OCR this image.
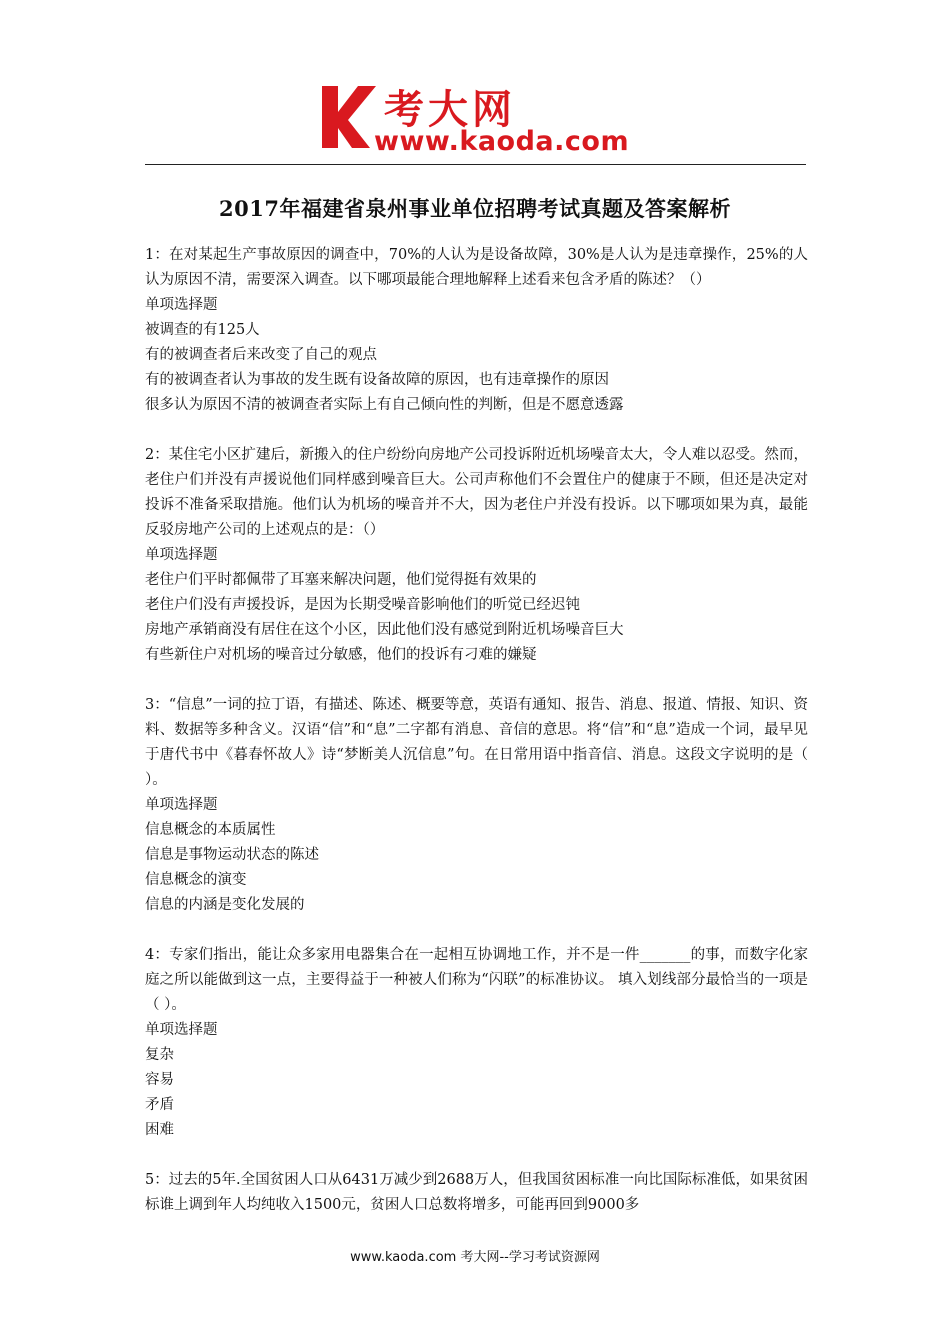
考大网
www.kaoda.com
2017年福建省泉州事业单位招聘考试真题及答案解析

1：在对某起生产事故原因的调查中，70%的人认为是设备故障，30%是人认为是违章操作，25%的人认为原因不清，需要深入调查。以下哪项最能合理地解释上述看来包含矛盾的陈述？（）

单项选择题

被调查的有125人

有的被调查者后来改变了自己的观点

有的被调查者认为事故的发生既有设备故障的原因，也有违章操作的原因

很多认为原因不清的被调查者实际上有自己倾向性的判断，但是不愿意透露

2：某住宅小区扩建后，新搬入的住户纷纷向房地产公司投诉附近机场噪音太大，令人难以忍受。然而，老住户们并没有声援说他们同样感到噪音巨大。公司声称他们不会置住户的健康于不顾，但还是决定对投诉不准备采取措施。他们认为机场的噪音并不大，因为老住户并没有投诉。以下哪项如果为真，最能反驳房地产公司的上述观点的是：（）

单项选择题

老住户们平时都佩带了耳塞来解决问题，他们觉得挺有效果的

老住户们没有声援投诉，是因为长期受噪音影响他们的听觉已经迟钝

房地产承销商没有居住在这个小区，因此他们没有感觉到附近机场噪音巨大

有些新住户对机场的噪音过分敏感，他们的投诉有刁难的嫌疑

3：“信息”一词的拉丁语，有描述、陈述、概要等意，英语有通知、报告、消息、报道、情报、知识、资料、数据等多种含义。汉语“信”和“息”二字都有消息、音信的意思。将“信”和“息”造成一个词，最早见于唐代书中《暮春怀故人》诗“梦断美人沉信息”句。在日常用语中指音信、消息。这段文字说明的是（ ）。

单项选择题

信息概念的本质属性

信息是事物运动状态的陈述

信息概念的演变

信息的内涵是变化发展的

4：专家们指出，能让众多家用电器集合在一起相互协调地工作，并不是一件_______的事，而数字化家庭之所以能做到这一点，主要得益于一种被人们称为“闪联”的标准协议。 填入划线部分最恰当的一项是（ ）。

单项选择题

复杂

容易

矛盾

困难

5：过去的5年.全国贫困人口从6431万减少到2688万人，但我国贫困标准一向比国际标准低，如果贫困标谁上调到年人均纯收入1500元，贫困人口总数将增多，可能再回到9000多

www.kaoda.com 考大网--学习考试资源网
